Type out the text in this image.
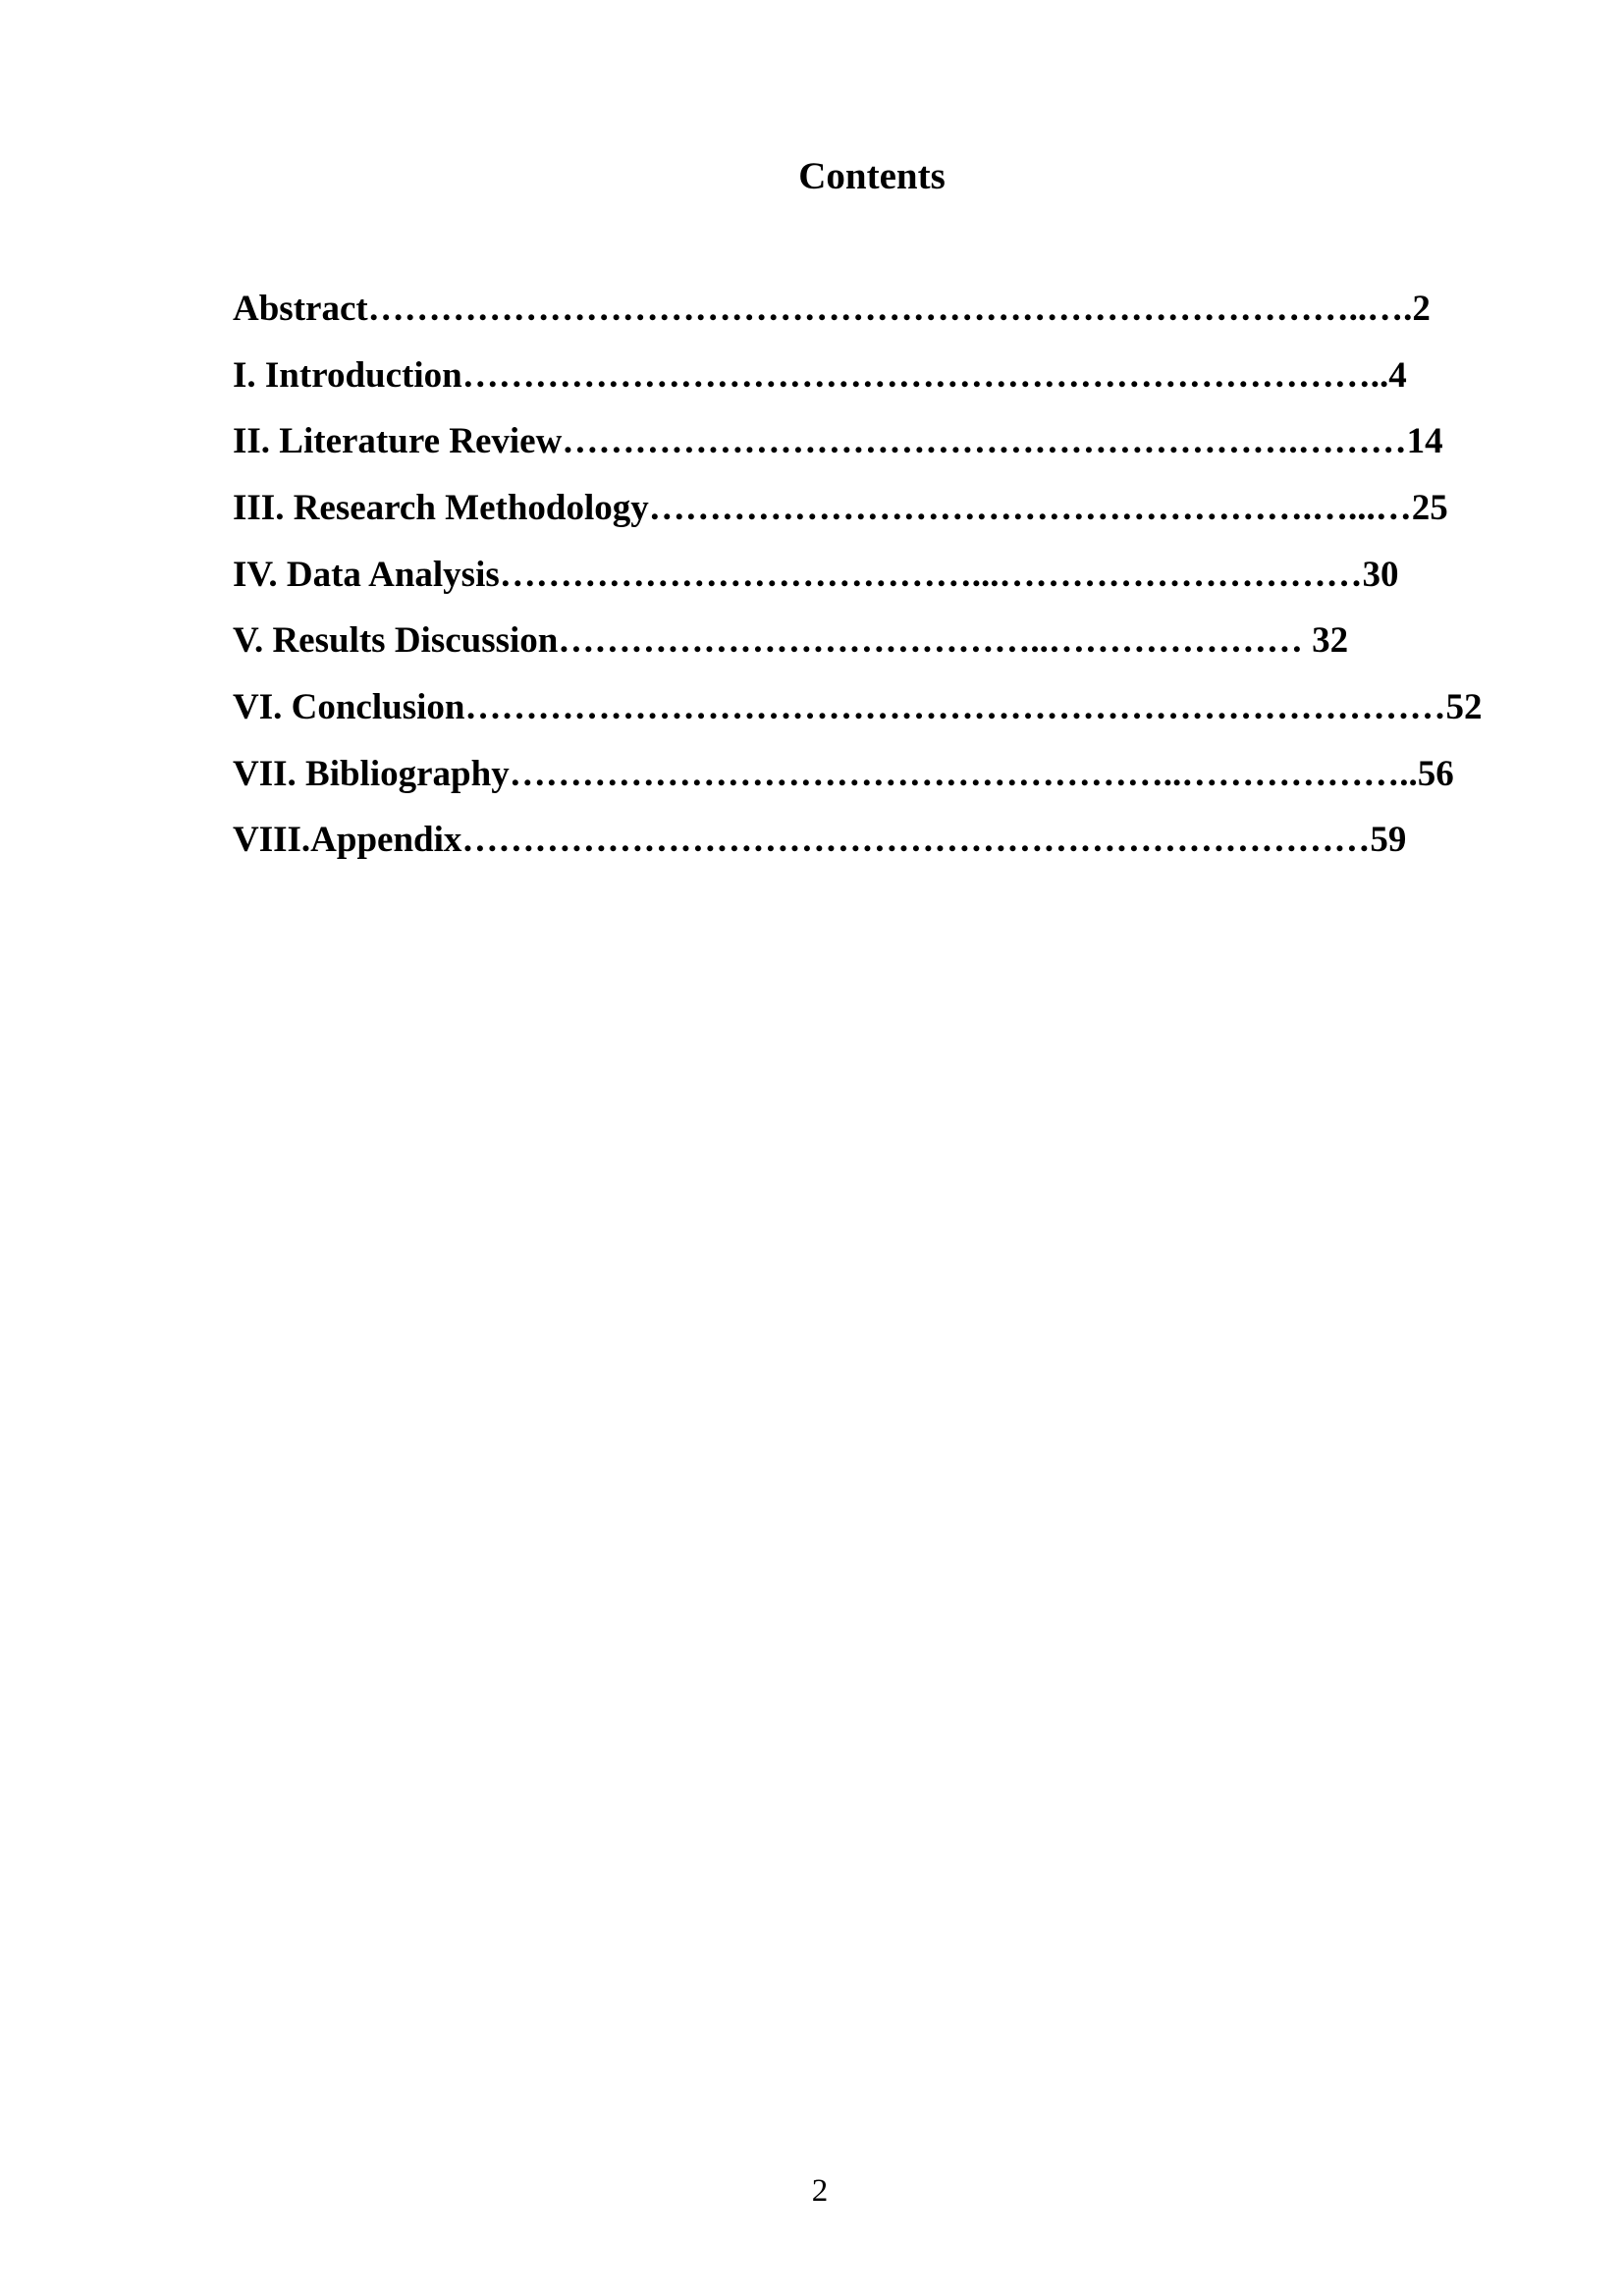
Contents
Abstract………………………………………………………………………..….2
I. Introduction…………………………………………………………………..4
II. Literature Review…………………………………………………….………14
III. Research Methodology……………………………………………….…...…25
IV. Data Analysis…………………………………...…………………………30
V. Results Discussion…………………………………..………………… 32
VI. Conclusion………………………………………………………………………52
VII. Bibliography………………………………………………..………………..56
VIII.Appendix…………………………………………………………………59
2
